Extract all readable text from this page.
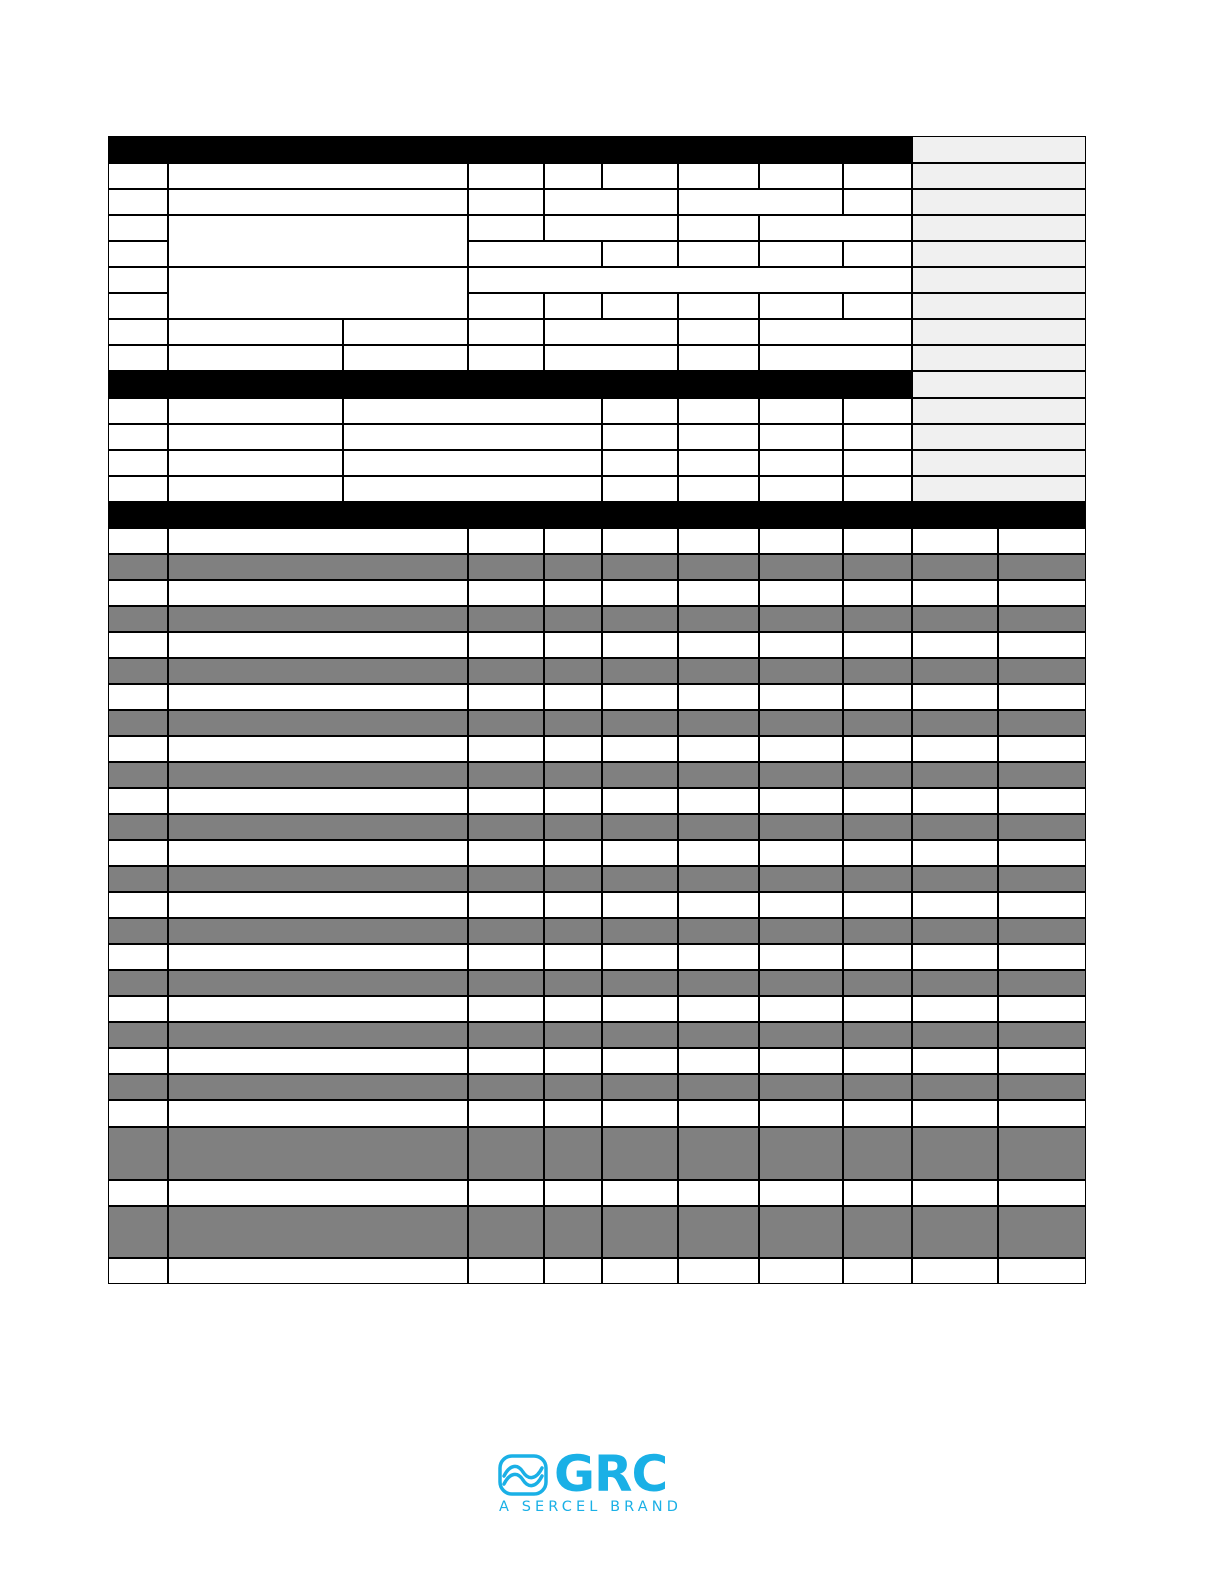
GRC
A SERCEL BRAND
